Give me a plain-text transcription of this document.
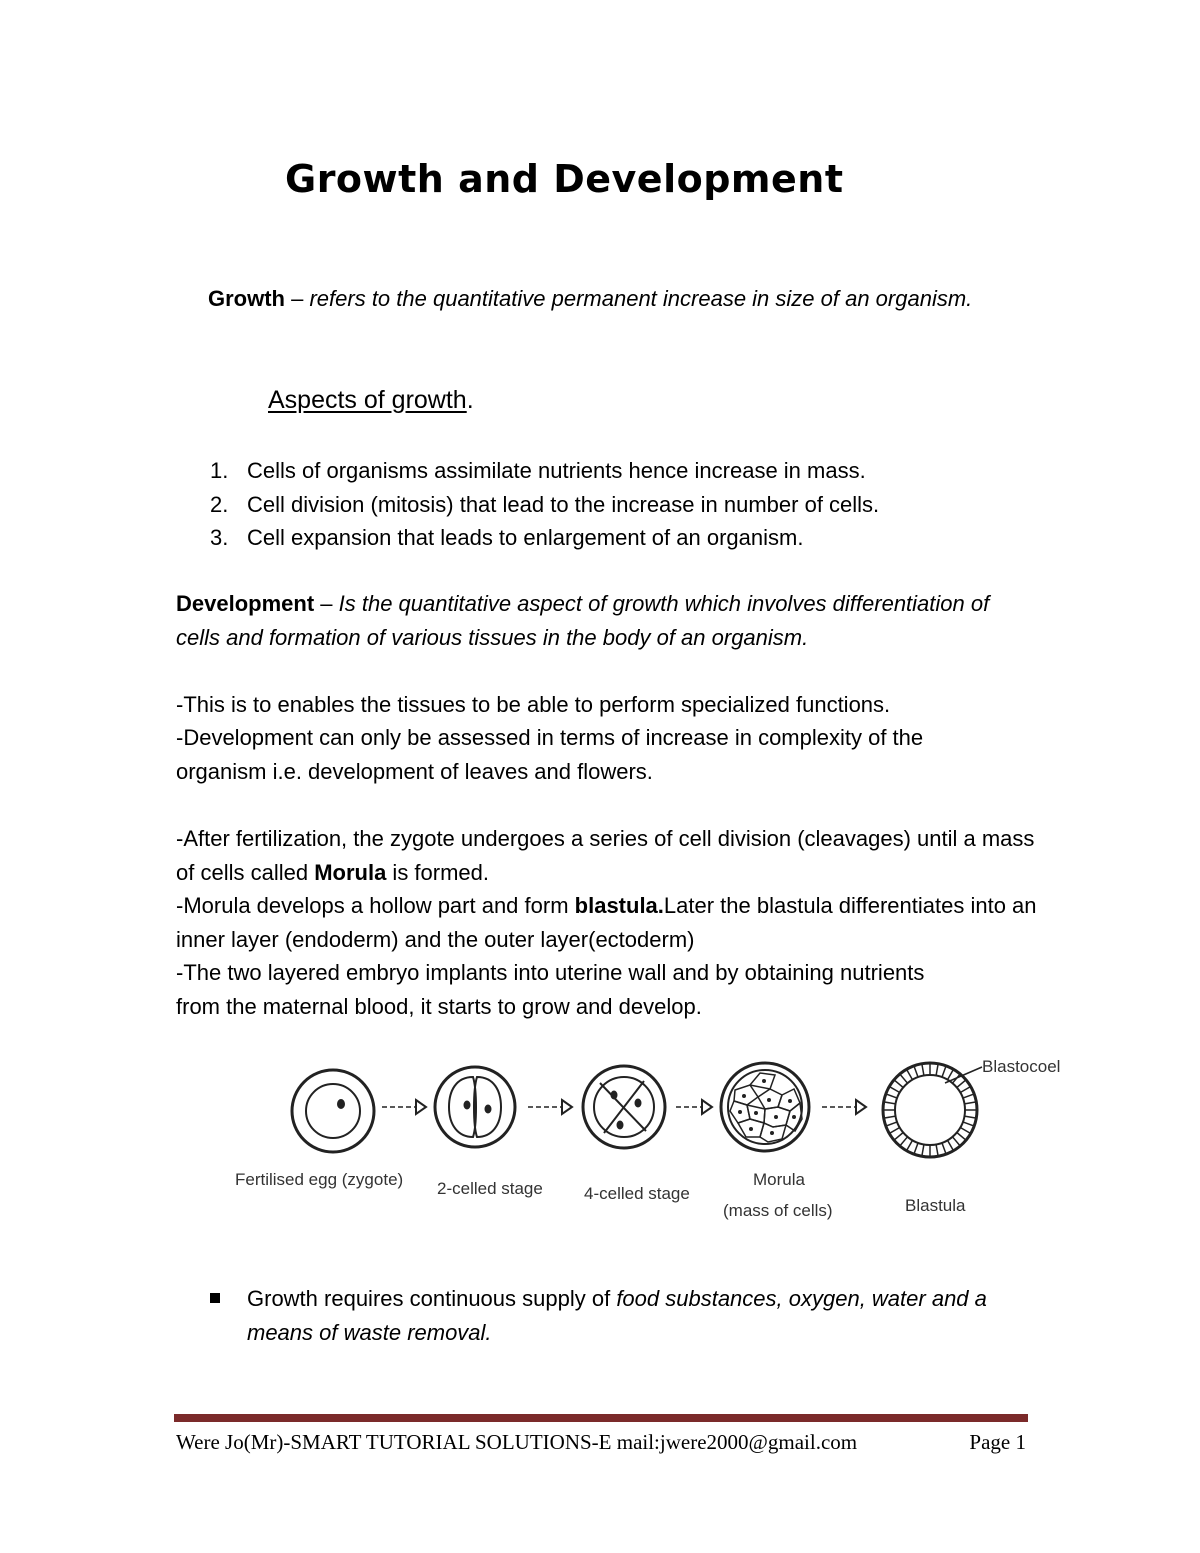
Growth and Development

Growth – refers to the quantitative permanent increase in size of an organism.

Aspects of growth.
1. Cells of organisms assimilate nutrients hence increase in mass.
2. Cell division (mitosis) that lead to the increase in number of cells.
3. Cell expansion that leads to enlargement of an organism.

Development – Is the quantitative aspect of growth which involves differentiation of cells and formation of various tissues in the body of an organism.

-This is to enables the tissues to be able to perform specialized functions.

-Development can only be assessed in terms of increase in complexity of the organism i.e. development of leaves and flowers.

-After fertilization, the zygote undergoes a series of cell division (cleavages) until a mass of cells called Morula is formed.

-Morula develops a hollow part and form blastula.Later the blastula differentiates into an inner layer (endoderm) and the outer layer(ectoderm)

-The two layered embryo implants into uterine wall and by obtaining nutrients from the maternal blood, it starts to grow and develop.

Fertilised egg (zygote) 2-celled stage 4-celled stage
Morula
(mass of cells)	Blastula
Blastocoel
Growth requires continuous supply of food substances, oxygen, water and a means of waste removal.
Were Jo(Mr)-SMART TUTORIAL SOLUTIONS-E mail:jwere2000@gmail.com	Page 1
